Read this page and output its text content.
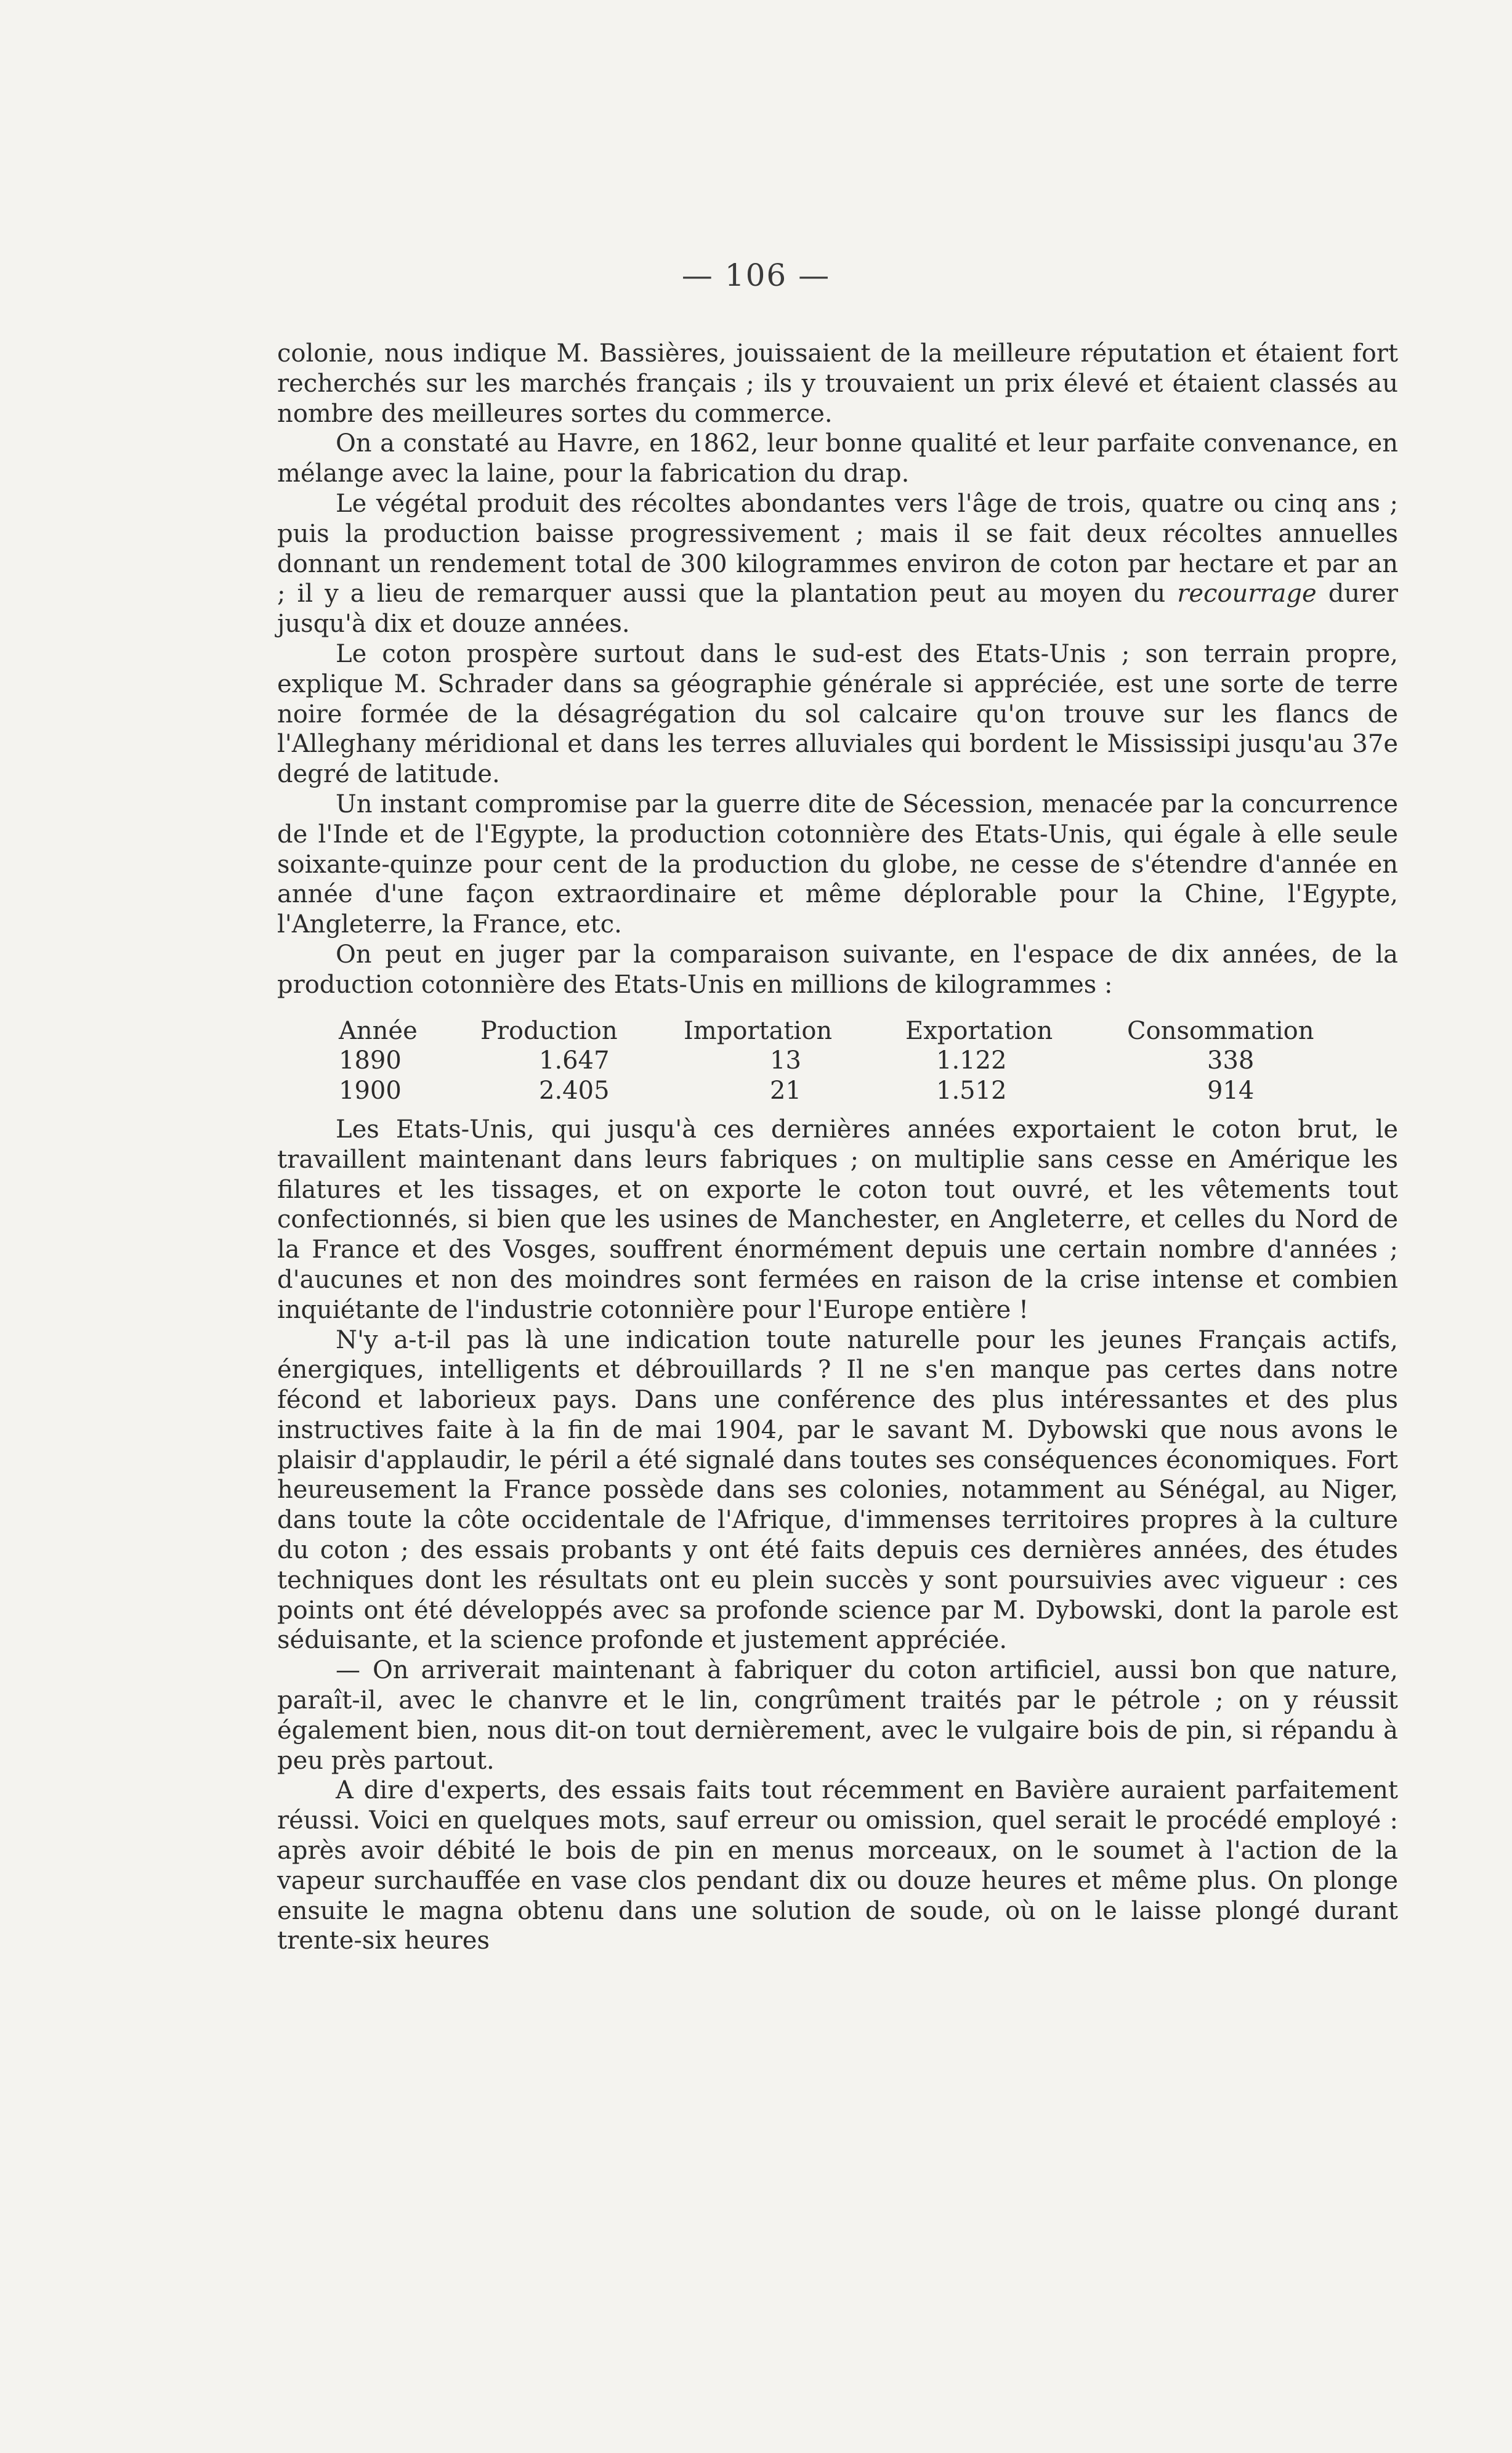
— 106 —

colonie, nous indique M. Bassières, jouissaient de la meilleure réputation et étaient fort recherchés sur les marchés français ; ils y trouvaient un prix élevé et étaient classés au nombre des meilleures sortes du commerce.

On a constaté au Havre, en 1862, leur bonne qualité et leur parfaite convenance, en mélange avec la laine, pour la fabrication du drap.

Le végétal produit des récoltes abondantes vers l'âge de trois, quatre ou cinq ans ; puis la production baisse progressivement ; mais il se fait deux récoltes annuelles donnant un rendement total de 300 kilogrammes environ de coton par hectare et par an ; il y a lieu de remarquer aussi que la plantation peut au moyen du recourrage durer jusqu'à dix et douze années.

Le coton prospère surtout dans le sud-est des Etats-Unis ; son terrain propre, explique M. Schrader dans sa géographie générale si appréciée, est une sorte de terre noire formée de la désagrégation du sol calcaire qu'on trouve sur les flancs de l'Alleghany méridional et dans les terres alluviales qui bordent le Mississipi jusqu'au 37e degré de latitude.

Un instant compromise par la guerre dite de Sécession, menacée par la concurrence de l'Inde et de l'Egypte, la production cotonnière des Etats-Unis, qui égale à elle seule soixante-quinze pour cent de la production du globe, ne cesse de s'étendre d'année en année d'une façon extraordinaire et même déplorable pour la Chine, l'Egypte, l'Angleterre, la France, etc.

On peut en juger par la comparaison suivante, en l'espace de dix années, de la production cotonnière des Etats-Unis en millions de kilogrammes :

Année	Production	Importation	Exportation	Consommation
1890	1.647	13	1.122	338
1900	2.405	21	1.512	914

Les Etats-Unis, qui jusqu'à ces dernières années exportaient le coton brut, le travaillent maintenant dans leurs fabriques ; on multiplie sans cesse en Amérique les filatures et les tissages, et on exporte le coton tout ouvré, et les vêtements tout confectionnés, si bien que les usines de Manchester, en Angleterre, et celles du Nord de la France et des Vosges, souffrent énormément depuis une certain nombre d'années ; d'aucunes et non des moindres sont fermées en raison de la crise intense et combien inquiétante de l'industrie cotonnière pour l'Europe entière !

N'y a-t-il pas là une indication toute naturelle pour les jeunes Français actifs, énergiques, intelligents et débrouillards ? Il ne s'en manque pas certes dans notre fécond et laborieux pays. Dans une conférence des plus intéressantes et des plus instructives faite à la fin de mai 1904, par le savant M. Dybowski que nous avons le plaisir d'applaudir, le péril a été signalé dans toutes ses conséquences économiques. Fort heureusement la France possède dans ses colonies, notamment au Sénégal, au Niger, dans toute la côte occidentale de l'Afrique, d'immenses territoires propres à la culture du coton ; des essais probants y ont été faits depuis ces dernières années, des études techniques dont les résultats ont eu plein succès y sont poursuivies avec vigueur : ces points ont été développés avec sa profonde science par M. Dybowski, dont la parole est séduisante, et la science profonde et justement appréciée.

— On arriverait maintenant à fabriquer du coton artificiel, aussi bon que nature, paraît-il, avec le chanvre et le lin, congrûment traités par le pétrole ; on y réussit également bien, nous dit-on tout dernièrement, avec le vulgaire bois de pin, si répandu à peu près partout.

A dire d'experts, des essais faits tout récemment en Bavière auraient parfaitement réussi. Voici en quelques mots, sauf erreur ou omission, quel serait le procédé employé : après avoir débité le bois de pin en menus morceaux, on le soumet à l'action de la vapeur surchauffée en vase clos pendant dix ou douze heures et même plus. On plonge ensuite le magna obtenu dans une solution de soude, où on le laisse plongé durant trente-six heures
